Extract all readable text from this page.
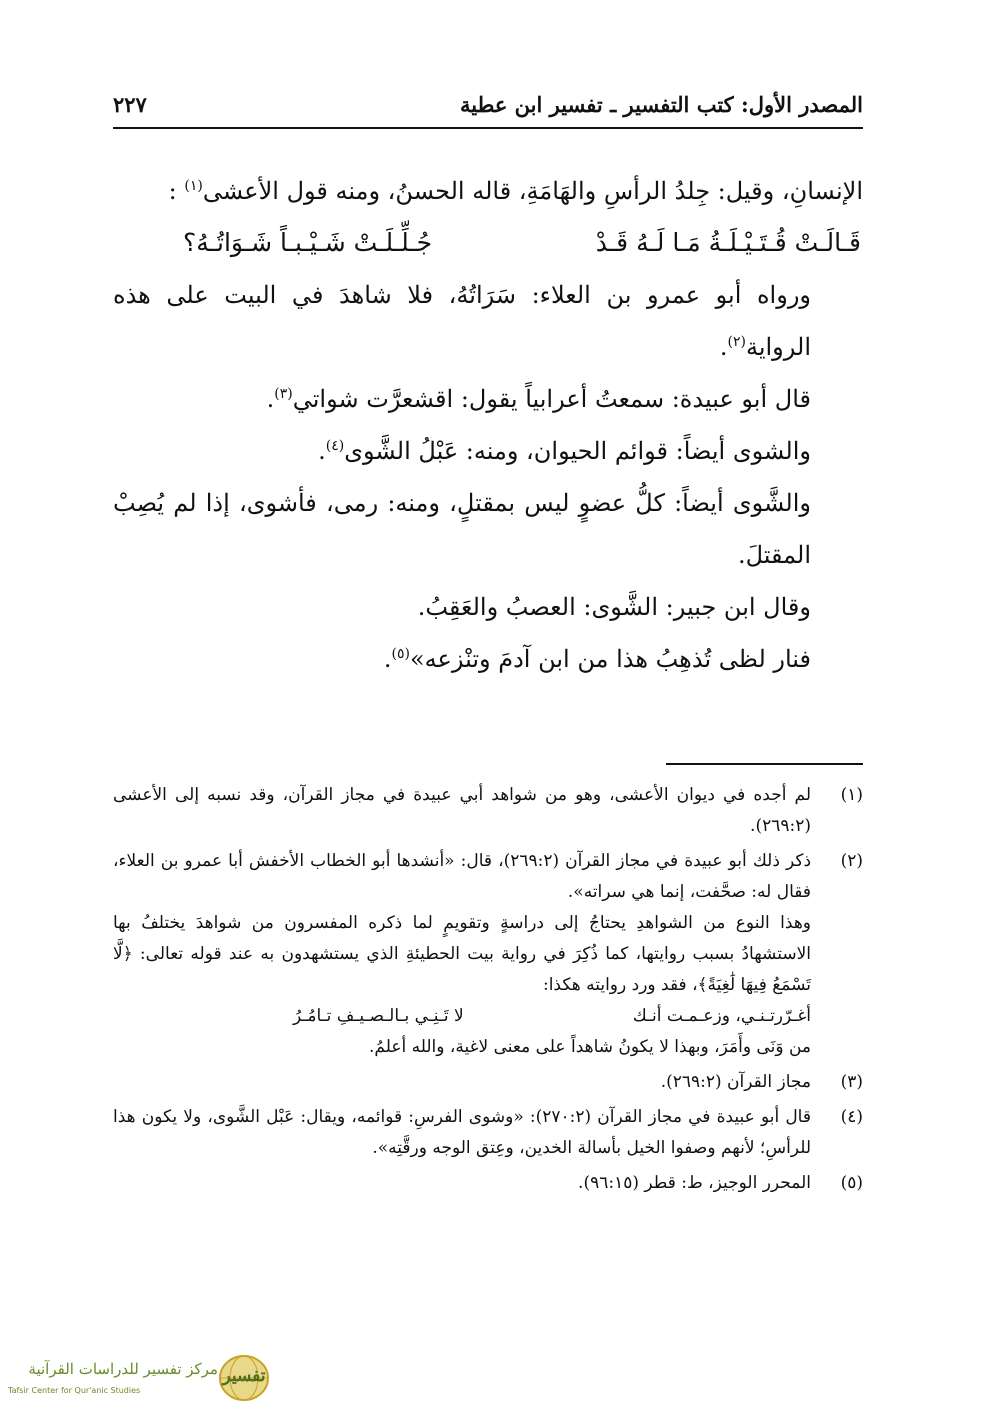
المصدر الأول: كتب التفسير ـ تفسير ابن عطية
٢٢٧

الإنسانِ، وقيل: جِلدُ الرأسِ والهَامَةِ، قاله الحسنُ، ومنه قول الأعشى$^{(١)}$ :

قَـالَـتْ قُـتَـيْـلَـةُ مَـا لَـهُ قَـدْ
جُـلِّـلَـتْ شَـيْـبـاً شَـوَاتُـهُ؟

ورواه أبو عمرو بن العلاء: سَرَاتُهُ، فلا شاهدَ في البيت على هذه الرواية$^{(٢)}$.

قال أبو عبيدة: سمعتُ أعرابياً يقول: اقشعرَّت شواتي$^{(٣)}$.

والشوى أيضاً: قوائم الحيوان، ومنه: عَبْلُ الشَّوى$^{(٤)}$.

والشَّوى أيضاً: كلُّ عضوٍ ليس بمقتلٍ، ومنه: رمى، فأشوى، إذا لم يُصِبْ المقتلَ.

وقال ابن جبير: الشَّوى: العصبُ والعَقِبُ.

فنار لظى تُذهِبُ هذا من ابن آدمَ وتنْزعه»$^{(٥)}$.

(١)
لم أجده في ديوان الأعشى، وهو من شواهد أبي عبيدة في مجاز القرآن، وقد نسبه إلى الأعشى (٢٦٩:٢).
(٢)

ذكر ذلك أبو عبيدة في مجاز القرآن (٢٦٩:٢)، قال: «أنشدها أبو الخطاب الأخفش أبا عمرو بن العلاء، فقال له: صحَّفت، إنما هي سراته».

وهذا النوع من الشواهدِ يحتاجُ إلى دراسةٍ وتقويمٍ لما ذكره المفسرون من شواهدَ يختلفُ بها الاستشهادُ بسبب روايتها، كما ذُكِرَ في رواية بيت الحطيئةِ الذي يستشهدون به عند قوله تعالى: ﴿لَّا تَسْمَعُ فِيهَا لَٰغِيَةً﴾، فقد ورد روايته هكذا:

أغـرّرتـنـي، وزعـمـت أنـك
لا تَـنِـي بـالـصـيـفِ تـامُـرُ

من وَنَى وأَمَرَ، وبهذا لا يكونُ شاهداً على معنى لاغية، والله أعلمُ.

(٣)
مجاز القرآن (٢٦٩:٢).
(٤)
قال أبو عبيدة في مجاز القرآن (٢٧٠:٢): «وشوى الفرسِ: قوائمه، ويقال: عَبْل الشَّوى، ولا يكون هذا للرأسِ؛ لأنهم وصفوا الخيل بأسالة الخدين، وعِتق الوجه ورقَّتِه».
(٥)
المحرر الوجيز، ط: قطر (٩٦:١٥).
مركز تفسير للدراسات القرآنية
Tafsir Center for Qur'anic Studies
تفسير
